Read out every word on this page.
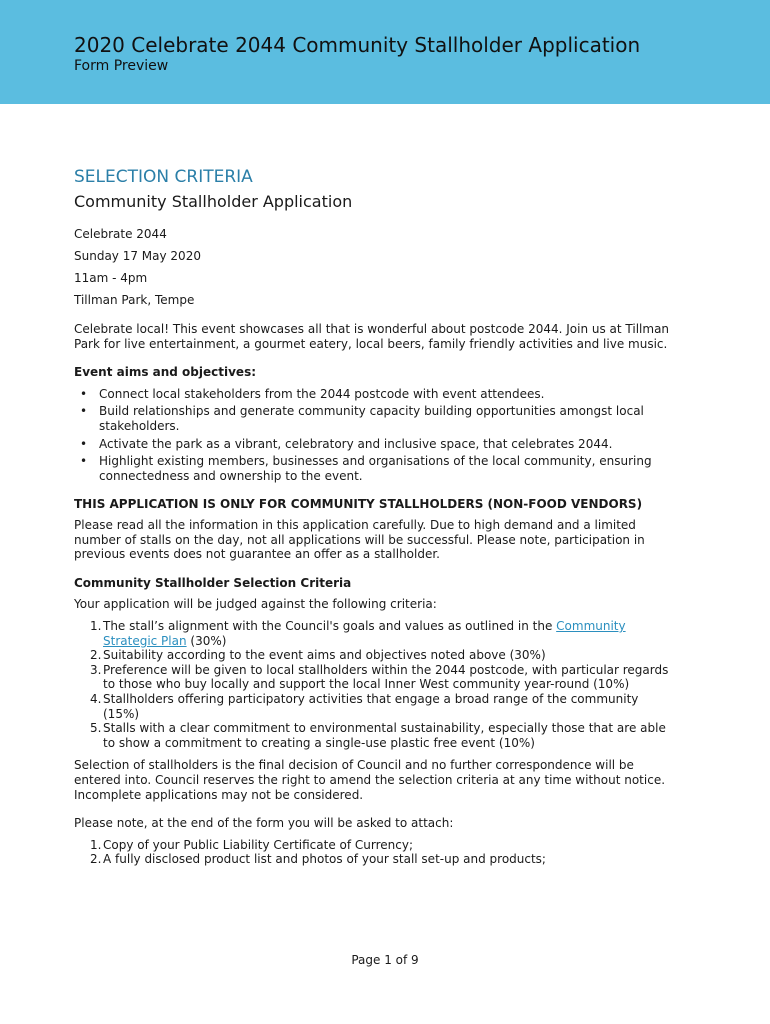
2020 Celebrate 2044 Community Stallholder Application
Form Preview
SELECTION CRITERIA
Community Stallholder Application

Celebrate 2044

Sunday 17 May 2020

11am - 4pm

Tillman Park, Tempe

Celebrate local! This event showcases all that is wonderful about postcode 2044. Join us at Tillman Park for live entertainment, a gourmet eatery, local beers, family friendly activities and live music.

Event aims and objectives:

• Connect local stakeholders from the 2044 postcode with event attendees.
• Build relationships and generate community capacity building opportunities amongst local stakeholders.
• Activate the park as a vibrant, celebratory and inclusive space, that celebrates 2044.
• Highlight existing members, businesses and organisations of the local community, ensuring connectedness and ownership to the event.

THIS APPLICATION IS ONLY FOR COMMUNITY STALLHOLDERS (NON-FOOD VENDORS)

Please read all the information in this application carefully. Due to high demand and a limited number of stalls on the day, not all applications will be successful. Please note, participation in previous events does not guarantee an offer as a stallholder.

Community Stallholder Selection Criteria

Your application will be judged against the following criteria:

1. The stall’s alignment with the Council's goals and values as outlined in the Community Strategic Plan (30%)
2. Suitability according to the event aims and objectives noted above (30%)
3. Preference will be given to local stallholders within the 2044 postcode, with particular regards to those who buy locally and support the local Inner West community year-round (10%)
4. Stallholders offering participatory activities that engage a broad range of the community (15%)
5. Stalls with a clear commitment to environmental sustainability, especially those that are able to show a commitment to creating a single-use plastic free event (10%)

Selection of stallholders is the final decision of Council and no further correspondence will be entered into. Council reserves the right to amend the selection criteria at any time without notice. Incomplete applications may not be considered.

Please note, at the end of the form you will be asked to attach:

1. Copy of your Public Liability Certificate of Currency;
2. A fully disclosed product list and photos of your stall set-up and products;
Page 1 of 9
